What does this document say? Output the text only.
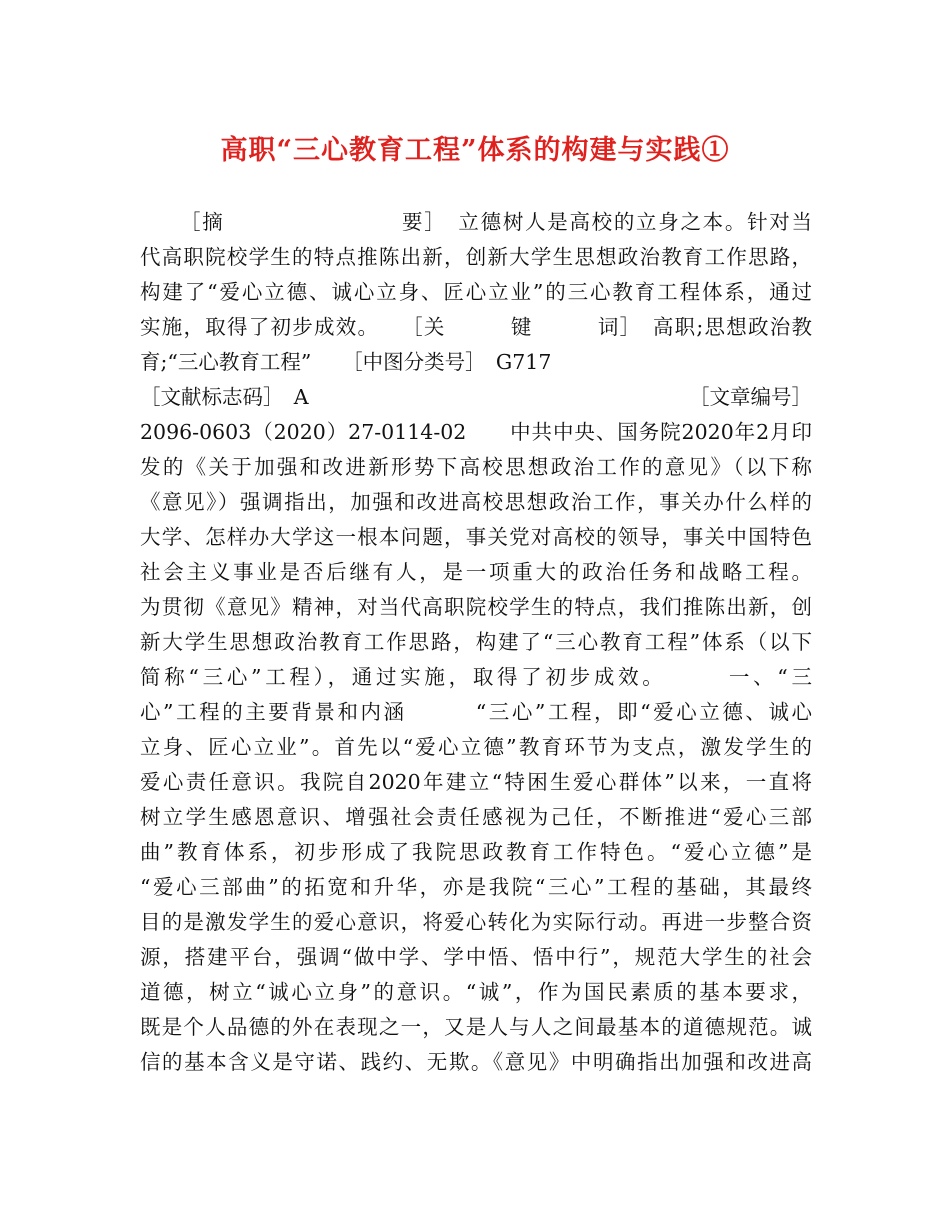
高职“三心教育工程”体系的构建与实践①
［摘　　　　　　　　要］　立德树人是高校的立身之本。针对当
代高职院校学生的特点推陈出新，创新大学生思想政治教育工作思路，
构建了“爱心立德、诚心立身、匠心立业”的三心教育工程体系，通过
实施，取得了初步成效。　　［关　　　键　　　词］　高职;思想政治教
育;“三心教育工程”　　［中图分类号］　G717
［文献标志码］　A	［文章编号］
2096-0603（2020）27-0114-02　　中共中央、国务院2020年2月印
发的《关于加强和改进新形势下高校思想政治工作的意见》（以下称
《意见》）强调指出，加强和改进高校思想政治工作，事关办什么样的
大学、怎样办大学这一根本问题，事关党对高校的领导，事关中国特色
社会主义事业是否后继有人，是一项重大的政治任务和战略工程。
为贯彻《意见》精神，对当代高职院校学生的特点，我们推陈出新，创
新大学生思想政治教育工作思路，构建了“三心教育工程”体系（以下
简称“三心”工程），通过实施，取得了初步成效。　　　一、“三
心”工程的主要背景和内涵　　　“三心”工程，即“爱心立德、诚心
立身、匠心立业”。首先以“爱心立德”教育环节为支点，激发学生的
爱心责任意识。我院自2020年建立“特困生爱心群体”以来，一直将
树立学生感恩意识、增强社会责任感视为己任，不断推进“爱心三部
曲”教育体系，初步形成了我院思政教育工作特色。“爱心立德”是
“爱心三部曲”的拓宽和升华，亦是我院“三心”工程的基础，其最终
目的是激发学生的爱心意识，将爱心转化为实际行动。再进一步整合资
源，搭建平台，强调“做中学、学中悟、悟中行”，规范大学生的社会
道德，树立“诚心立身”的意识。“诚”，作为国民素质的基本要求，
既是个人品德的外在表现之一，又是人与人之间最基本的道德规范。诚
信的基本含义是守诺、践约、无欺。《意见》中明确指出加强和改进高
